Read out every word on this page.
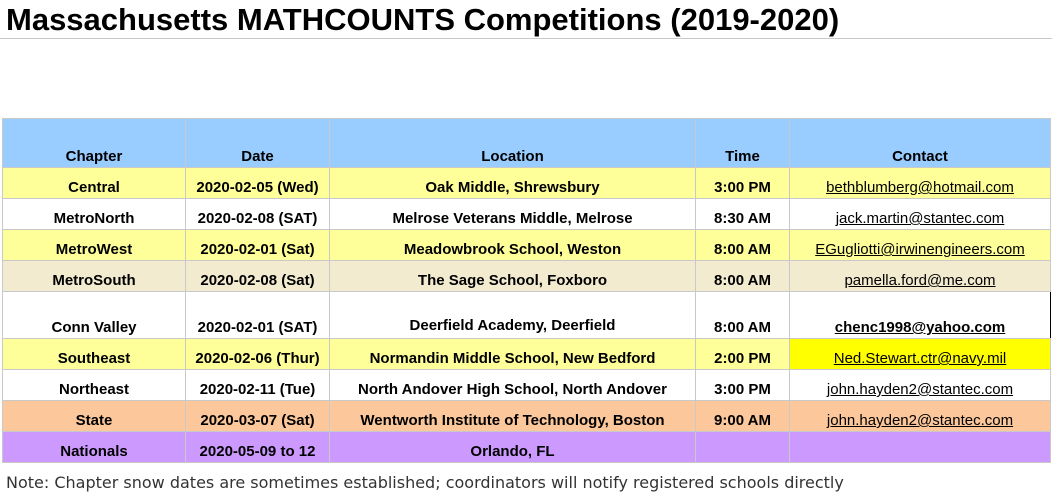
Massachusetts MATHCOUNTS Competitions (2019-2020)
Chapter	Date	Location	Time	Contact
Central	2020-02-05 (Wed)	Oak Middle, Shrewsbury	3:00 PM	bethblumberg@hotmail.com
MetroNorth	2020-02-08 (SAT)	Melrose Veterans Middle, Melrose	8:30 AM	jack.martin@stantec.com
MetroWest	2020-02-01 (Sat)	Meadowbrook School, Weston	8:00 AM	EGugliotti@irwinengineers.com
MetroSouth	2020-02-08 (Sat)	The Sage School, Foxboro	8:00 AM	pamella.ford@me.com
Conn Valley	2020-02-01 (SAT)	Deerfield Academy, Deerfield	8:00 AM	chenc1998@yahoo.com
Southeast	2020-02-06 (Thur)	Normandin Middle School, New Bedford	2:00 PM	Ned.Stewart.ctr@navy.mil
Northeast	2020-02-11 (Tue)	North Andover High School, North Andover	3:00 PM	john.hayden2@stantec.com
State	2020-03-07 (Sat)	Wentworth Institute of Technology, Boston	9:00 AM	john.hayden2@stantec.com
Nationals	2020-05-09 to 12	Orlando, FL		
Note: Chapter snow dates are sometimes established; coordinators will notify registered schools directly
